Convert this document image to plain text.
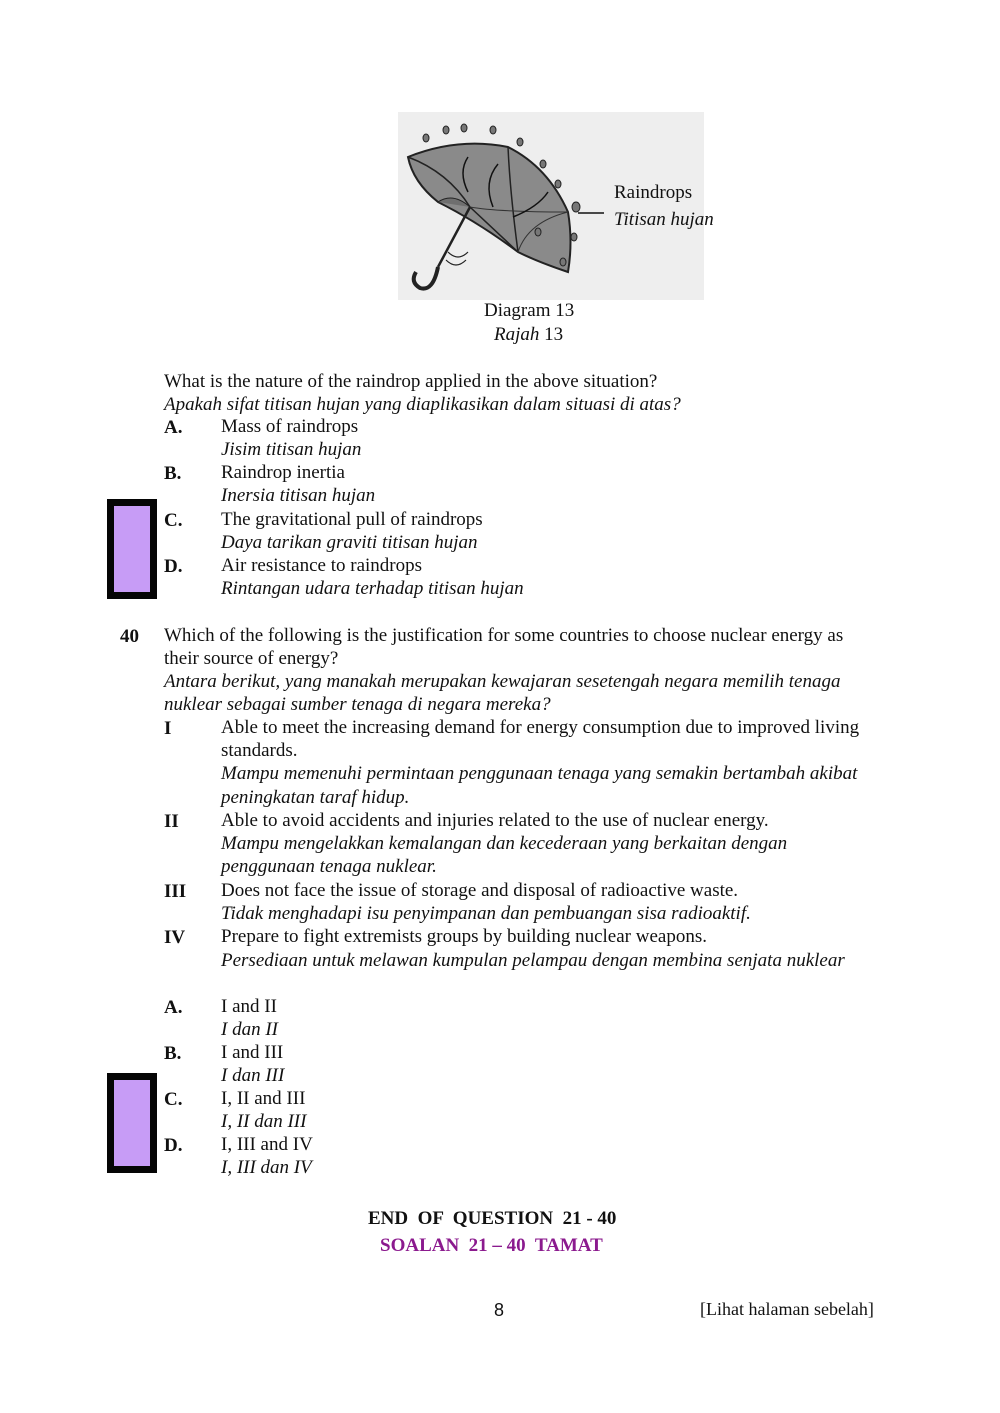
Raindrops
Titisan hujan
Diagram 13
Rajah 13
What is the nature of the raindrop applied in the above situation?
Apakah sifat titisan hujan yang diaplikasikan dalam situasi di atas?
A. Mass of raindrops
Jisim titisan hujan
B. Raindrop inertia
Inersia titisan hujan
C. The gravitational pull of raindrops
Daya tarikan graviti titisan hujan
D. Air resistance to raindrops
Rintangan udara terhadap titisan hujan
40 Which of the following is the justification for some countries to choose nuclear energy as
their source of energy?
Antara berikut, yang manakah merupakan kewajaran sesetengah negara memilih tenaga
nuklear sebagai sumber tenaga di negara mereka?
I	Able to meet the increasing demand for energy consumption due to improved living
standards.
Mampu memenuhi permintaan penggunaan tenaga yang semakin bertambah akibat
peningkatan taraf hidup.
II Able to avoid accidents and injuries related to the use of nuclear energy.
Mampu mengelakkan kemalangan dan kecederaan yang berkaitan dengan
penggunaan tenaga nuklear.
III Does not face the issue of storage and disposal of radioactive waste.
Tidak menghadapi isu penyimpanan dan pembuangan sisa radioaktif.
IV Prepare to fight extremists groups by building nuclear weapons.
Persediaan untuk melawan kumpulan pelampau dengan membina senjata nuklear
A. I and II
I dan II
B. I and III
I dan III
C. I, II and III
I, II dan III
D. I, III and IV
I, III dan IV
END  OF  QUESTION  21 - 40
SOALAN  21 – 40  TAMAT
8	[Lihat halaman sebelah]
